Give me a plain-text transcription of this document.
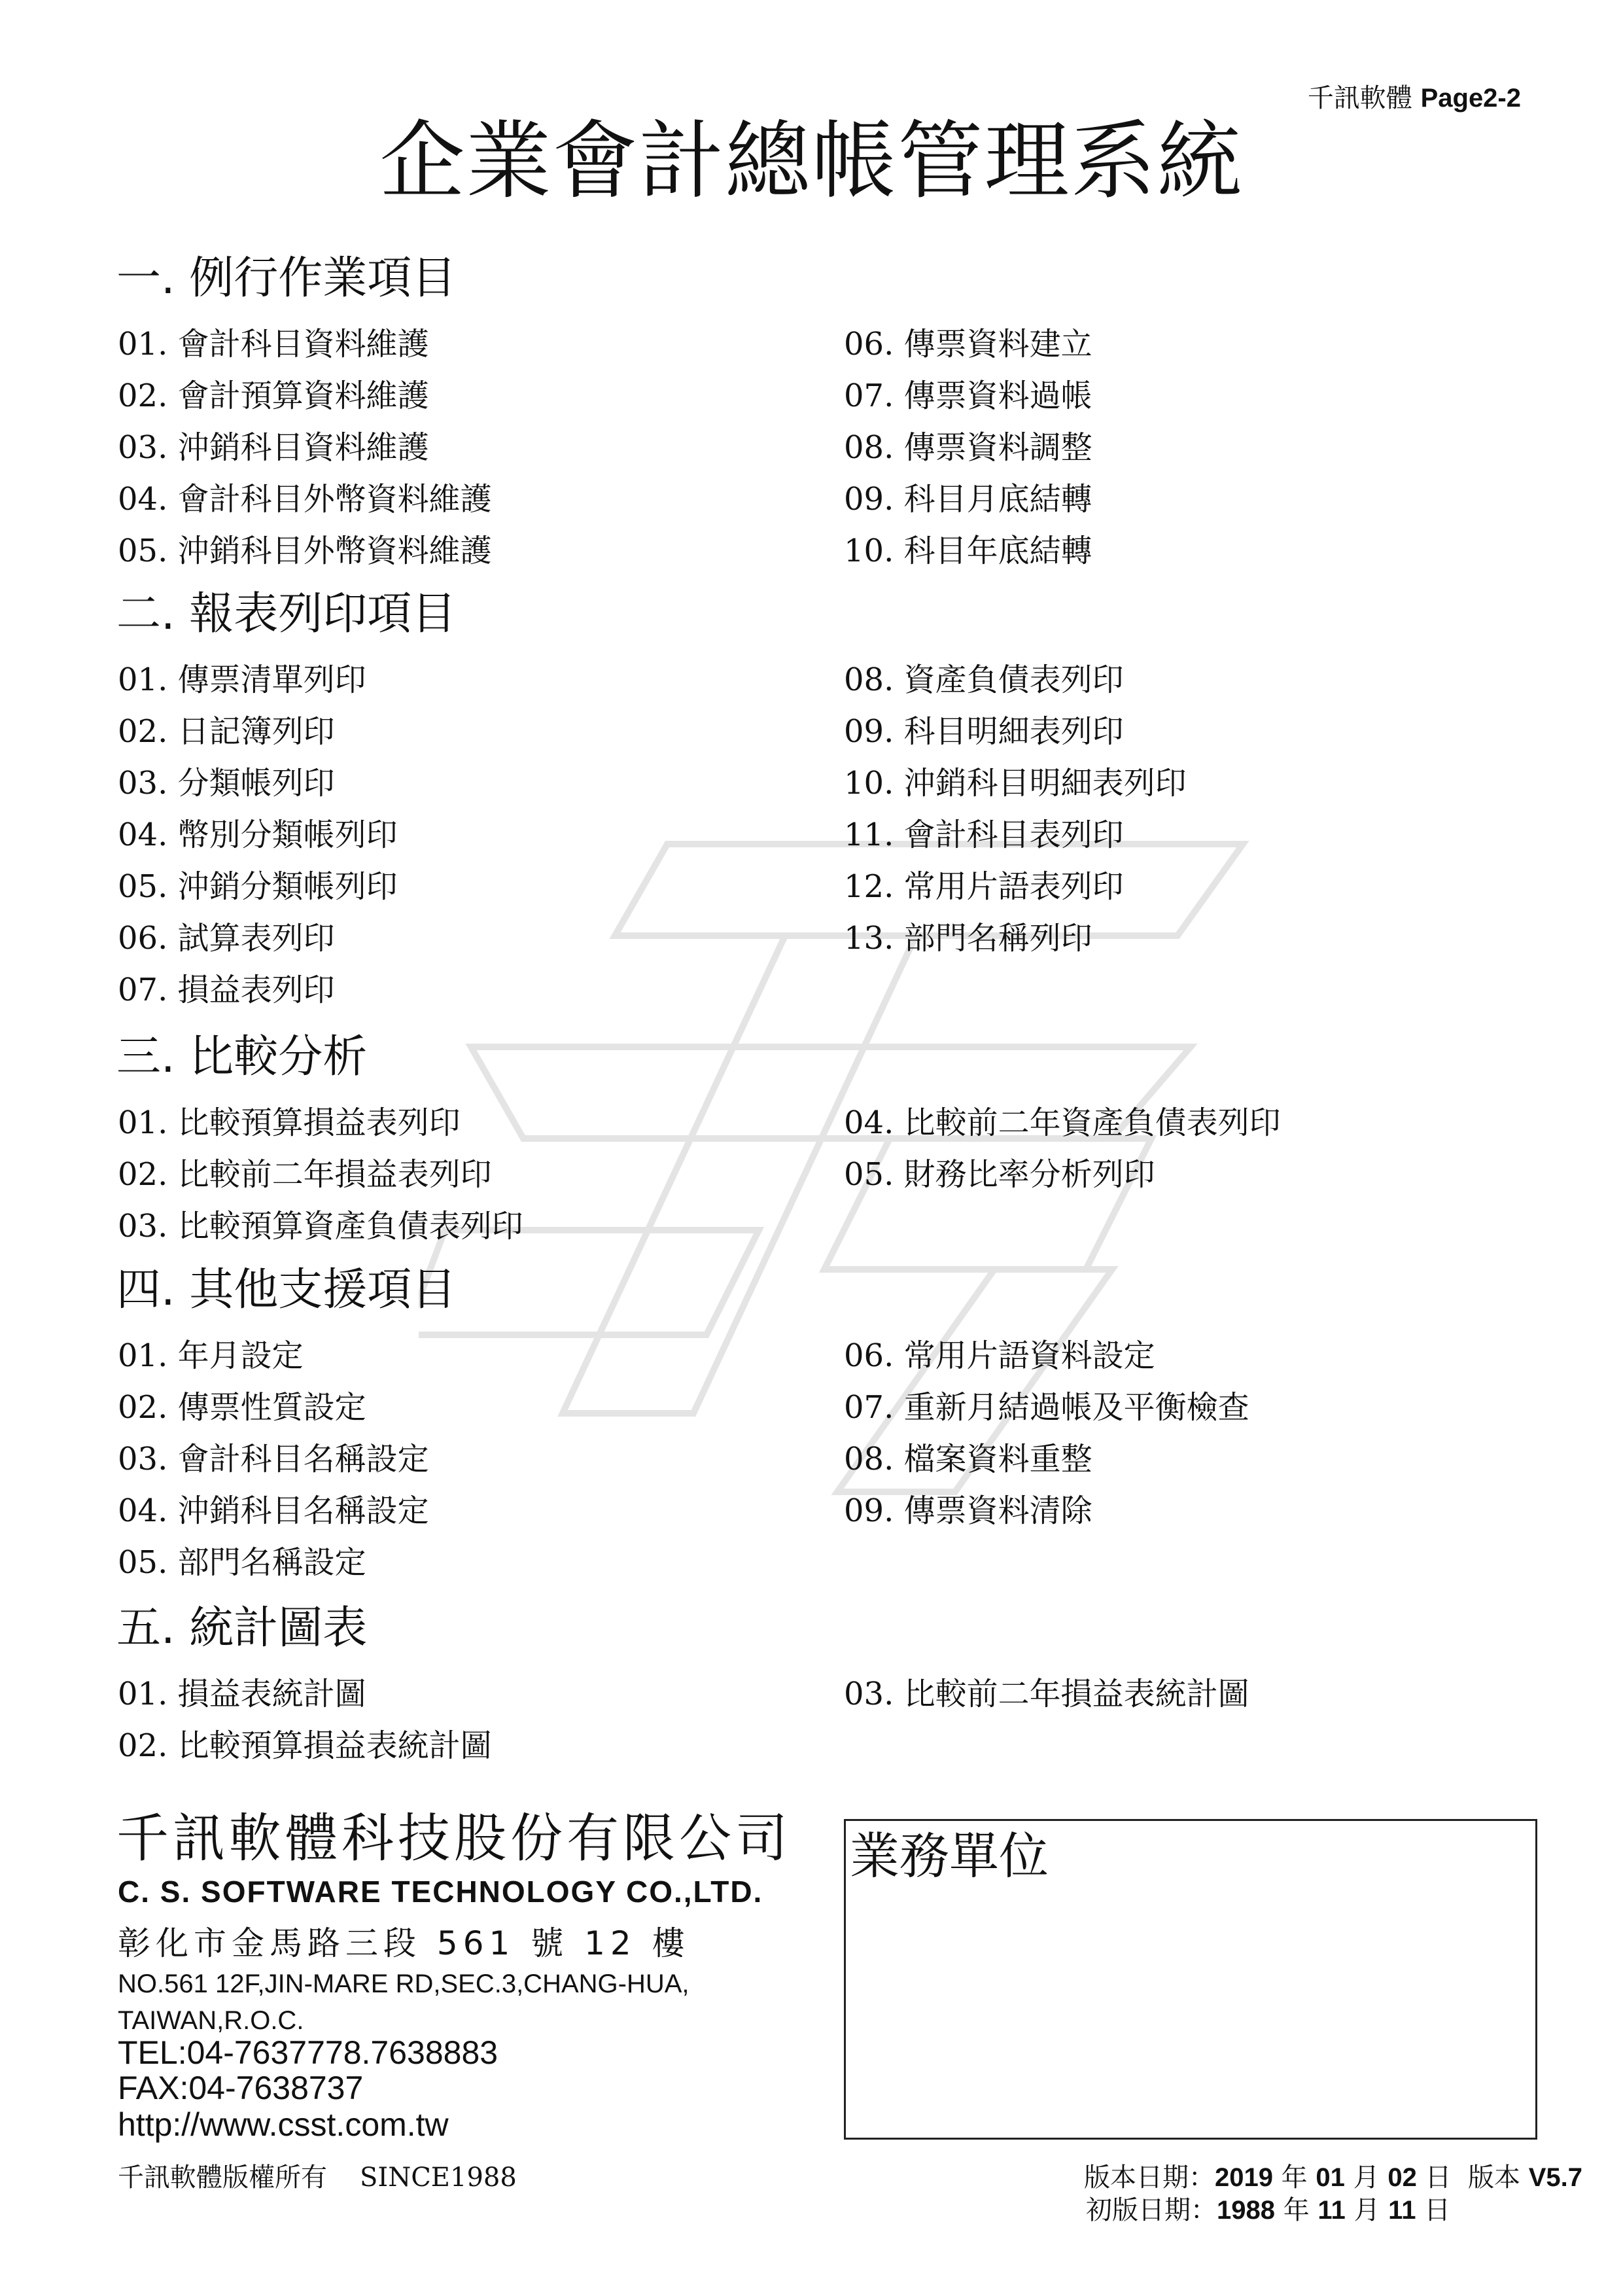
千訊軟體 Page2-2
企業會計總帳管理系統
一. 例行作業項目
01. 會計科目資料維護
02. 會計預算資料維護
03. 沖銷科目資料維護
04. 會計科目外幣資料維護
05. 沖銷科目外幣資料維護
06. 傳票資料建立
07. 傳票資料過帳
08. 傳票資料調整
09. 科目月底結轉
10. 科目年底結轉
二. 報表列印項目
01. 傳票清單列印
02. 日記簿列印
03. 分類帳列印
04. 幣別分類帳列印
05. 沖銷分類帳列印
06. 試算表列印
07. 損益表列印
08. 資產負債表列印
09. 科目明細表列印
10. 沖銷科目明細表列印
11. 會計科目表列印
12. 常用片語表列印
13. 部門名稱列印
三. 比較分析
01. 比較預算損益表列印
02. 比較前二年損益表列印
03. 比較預算資產負債表列印
04. 比較前二年資產負債表列印
05. 財務比率分析列印
四. 其他支援項目
01. 年月設定
02. 傳票性質設定
03. 會計科目名稱設定
04. 沖銷科目名稱設定
05. 部門名稱設定
06. 常用片語資料設定
07. 重新月結過帳及平衡檢查
08. 檔案資料重整
09. 傳票資料清除
五. 統計圖表
01. 損益表統計圖
02. 比較預算損益表統計圖
03. 比較前二年損益表統計圖
千訊軟體科技股份有限公司
C. S. SOFTWARE TECHNOLOGY CO.,LTD.
彰化市金馬路三段 561 號 12 樓
NO.561 12F,JIN-MARE RD,SEC.3,CHANG-HUA,
TAIWAN,R.O.C.
TEL:04-7637778.7638883
FAX:04-7638737
http://www.csst.com.tw
千訊軟體版權所有 SINCE1988
業務單位
版本日期：2019 年 01 月 02 日 版本 V5.7
初版日期：1988 年 11 月 11 日
